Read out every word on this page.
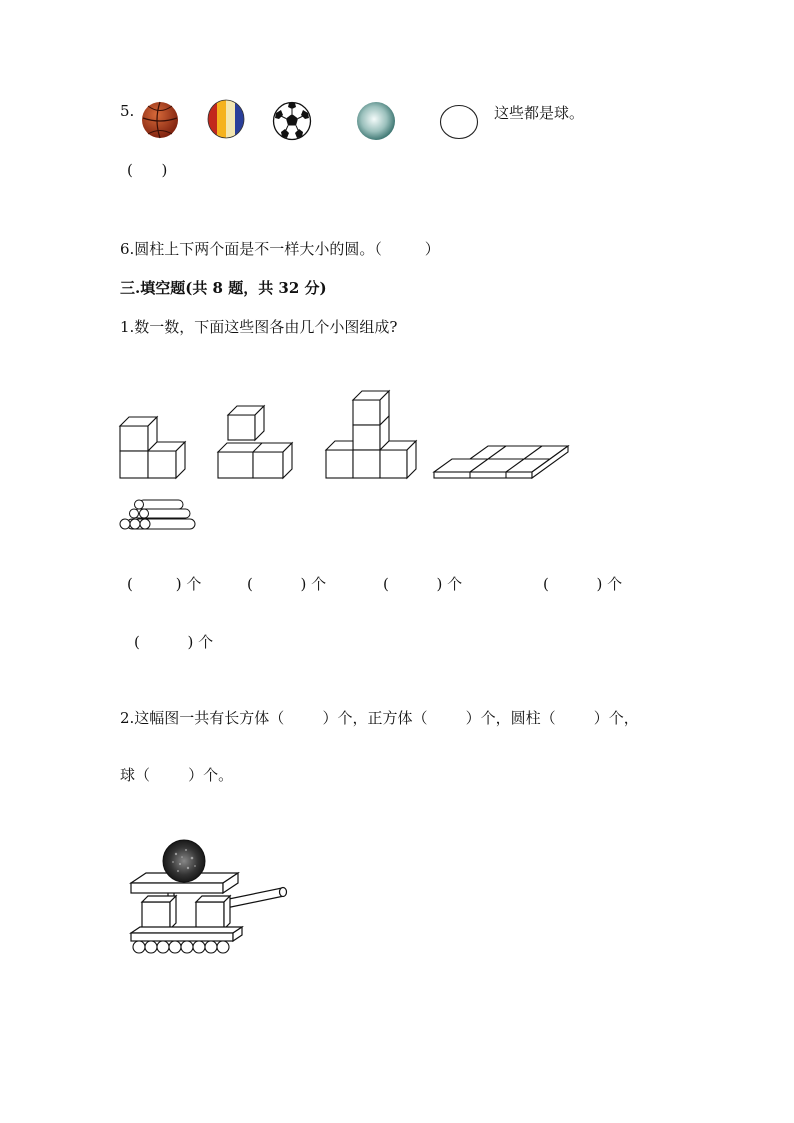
5.	这些都是球。
(      )
6.圆柱上下两个面是不一样大小的圆。（         ）
三.填空题(共 8 题，共 32 分)
1.数一数，下面这些图各由几个小图组成?
(         ) 个	(          ) 个	(          ) 个	(          ) 个
(          ) 个
2.这幅图一共有长方体（        ）个，正方体（        ）个，圆柱（        ）个，
球（        ）个。
